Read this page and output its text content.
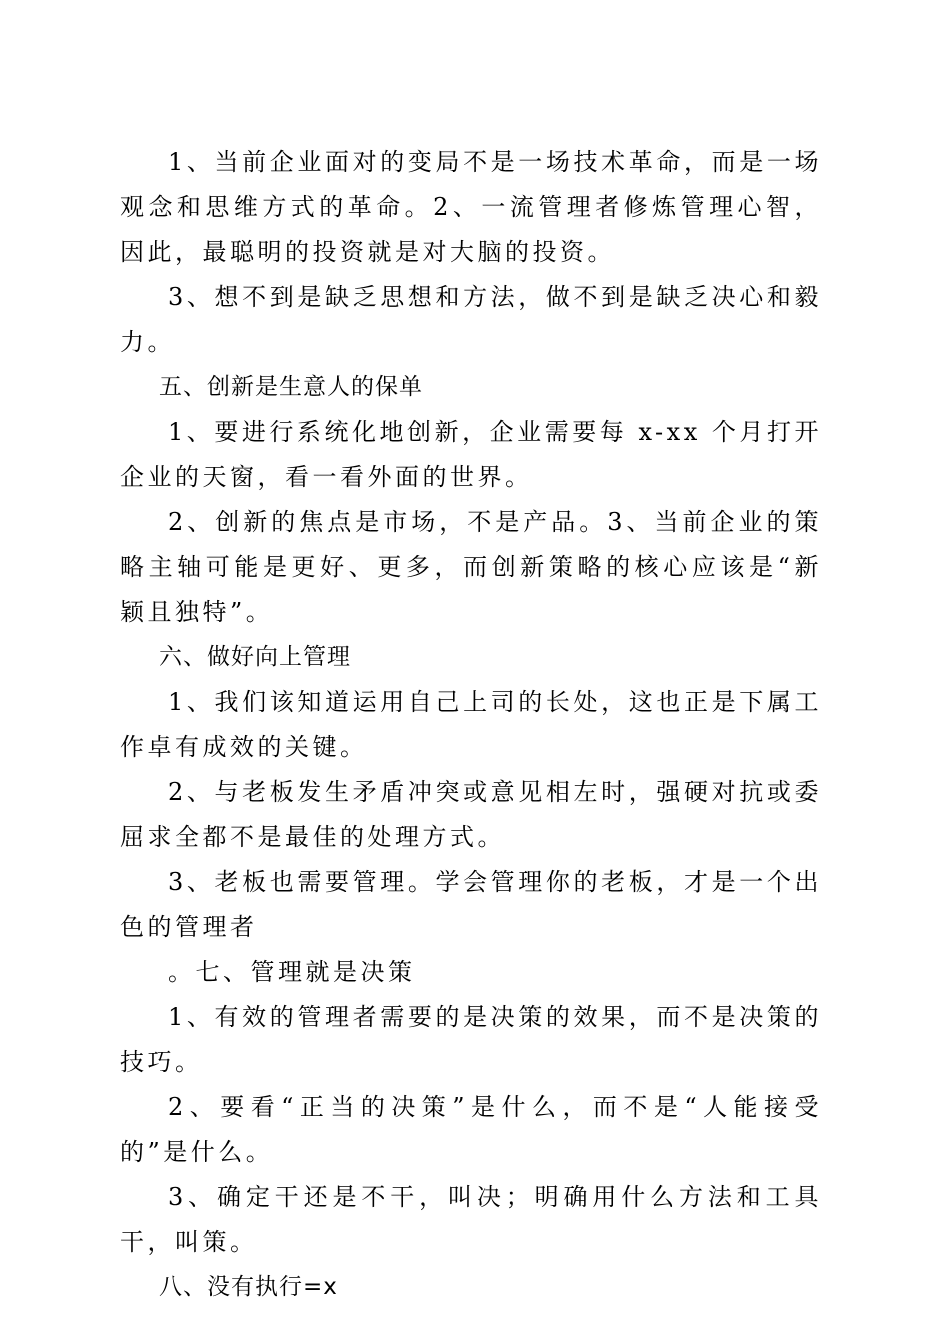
1、当前企业面对的变局不是一场技术革命，而是一场观念和思维方式的革命。2、一流管理者修炼管理心智，因此，最聪明的投资就是对大脑的投资。

3、想不到是缺乏思想和方法，做不到是缺乏决心和毅力。

五、创新是生意人的保单

1、要进行系统化地创新，企业需要每 x-xx 个月打开企业的天窗，看一看外面的世界。

2、创新的焦点是市场，不是产品。3、当前企业的策略主轴可能是更好、更多，而创新策略的核心应该是“新颖且独特”。

六、做好向上管理

1、我们该知道运用自己上司的长处，这也正是下属工作卓有成效的关键。

2、与老板发生矛盾冲突或意见相左时，强硬对抗或委屈求全都不是最佳的处理方式。

3、老板也需要管理。学会管理你的老板，才是一个出色的管理者

。七、管理就是决策

1、有效的管理者需要的是决策的效果，而不是决策的技巧。

2、要看“正当的决策”是什么，而不是“人能接受的”是什么。

3、确定干还是不干，叫决；明确用什么方法和工具干，叫策。

八、没有执行=x
